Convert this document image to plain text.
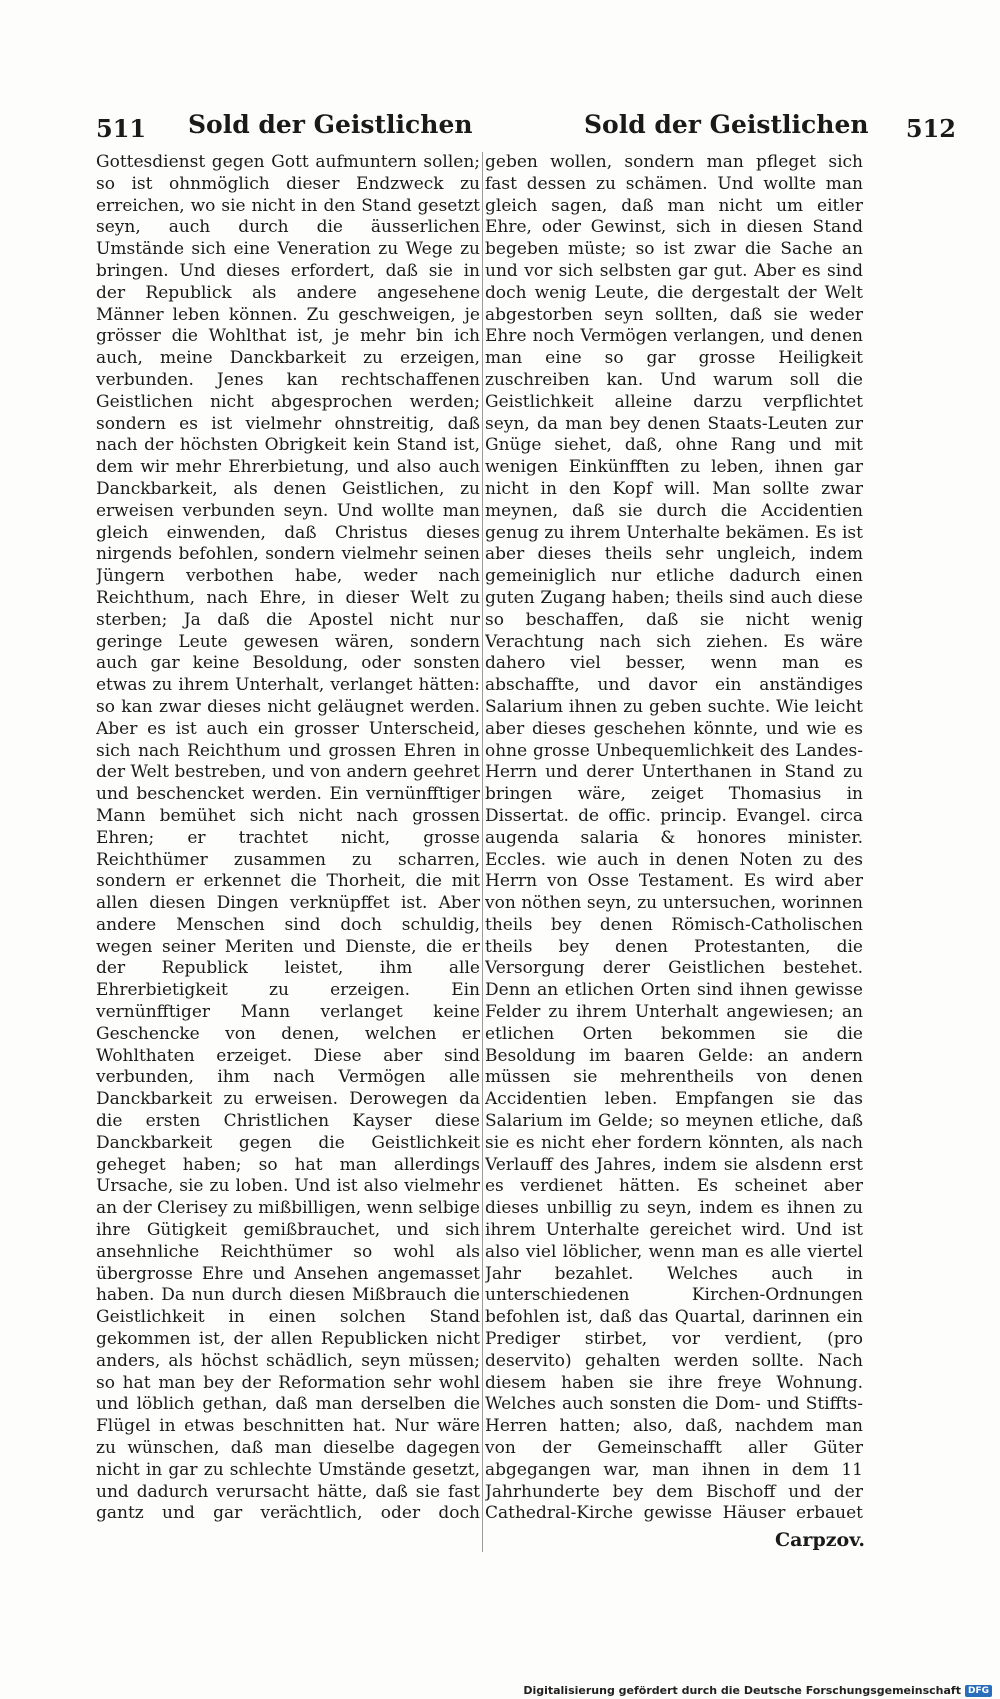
511 Sold der Geistlichen	Sold der Geistlichen 512

Gottesdienst gegen Gott aufmuntern sollen; so ist ohnmöglich dieser Endzweck zu erreichen, wo sie nicht in den Stand gesetzt seyn, auch durch die äusserlichen Umstände sich eine Veneration zu Wege zu bringen. Und dieses erfordert, daß sie in der Republick als andere angesehene Männer leben können. Zu geschweigen, je grösser die Wohlthat ist, je mehr bin ich auch, meine Danckbarkeit zu erzeigen, verbunden. Jenes kan rechtschaffenen Geistlichen nicht abgesprochen werden; sondern es ist vielmehr ohnstreitig, daß nach der höchsten Obrigkeit kein Stand ist, dem wir mehr Ehrerbietung, und also auch Danckbarkeit, als denen Geistlichen, zu erweisen verbunden seyn. Und wollte man gleich einwenden, daß Christus dieses nirgends befohlen, sondern vielmehr seinen Jüngern verbothen habe, weder nach Reichthum, nach Ehre, in dieser Welt zu sterben; Ja daß die Apostel nicht nur geringe Leute gewesen wären, sondern auch gar keine Besoldung, oder sonsten etwas zu ihrem Unterhalt, verlanget hätten: so kan zwar dieses nicht geläugnet werden. Aber es ist auch ein grosser Unterscheid, sich nach Reichthum und grossen Ehren in der Welt bestreben, und von andern geehret und beschencket werden. Ein vernünfftiger Mann bemühet sich nicht nach grossen Ehren; er trachtet nicht, grosse Reichthümer zusammen zu scharren, sondern er erkennet die Thorheit, die mit allen diesen Dingen verknüpffet ist. Aber andere Menschen sind doch schuldig, wegen seiner Meriten und Dienste, die er der Republick leistet, ihm alle Ehrerbietigkeit zu erzeigen. Ein vernünfftiger Mann verlanget keine Geschencke von denen, welchen er Wohlthaten erzeiget. Diese aber sind verbunden, ihm nach Vermögen alle Danckbarkeit zu erweisen. Derowegen da die ersten Christlichen Kayser diese Danckbarkeit gegen die Geistlichkeit geheget haben; so hat man allerdings Ursache, sie zu loben. Und ist also vielmehr an der Clerisey zu mißbilligen, wenn selbige ihre Gütigkeit gemißbrauchet, und sich ansehnliche Reichthümer so wohl als übergrosse Ehre und Ansehen angemasset haben. Da nun durch diesen Mißbrauch die Geistlichkeit in einen solchen Stand gekommen ist, der allen Republicken nicht anders, als höchst schädlich, seyn müssen; so hat man bey der Reformation sehr wohl und löblich gethan, daß man derselben die Flügel in etwas beschnitten hat. Nur wäre zu wünschen, daß man dieselbe dagegen nicht in gar zu schlechte Umstände gesetzt, und dadurch verursacht hätte, daß sie fast gantz und gar verächtlich, oder doch

geben wollen, sondern man pfleget sich fast dessen zu schämen. Und wollte man gleich sagen, daß man nicht um eitler Ehre, oder Gewinst, sich in diesen Stand begeben müste; so ist zwar die Sache an und vor sich selbsten gar gut. Aber es sind doch wenig Leute, die dergestalt der Welt abgestorben seyn sollten, daß sie weder Ehre noch Vermögen verlangen, und denen man eine so gar grosse Heiligkeit zuschreiben kan. Und warum soll die Geistlichkeit alleine darzu verpflichtet seyn, da man bey denen Staats-Leuten zur Gnüge siehet, daß, ohne Rang und mit wenigen Einkünfften zu leben, ihnen gar nicht in den Kopf will. Man sollte zwar meynen, daß sie durch die Accidentien genug zu ihrem Unterhalte bekämen. Es ist aber dieses theils sehr ungleich, indem gemeiniglich nur etliche dadurch einen guten Zugang haben; theils sind auch diese so beschaffen, daß sie nicht wenig Verachtung nach sich ziehen. Es wäre dahero viel besser, wenn man es abschaffte, und davor ein anständiges Salarium ihnen zu geben suchte. Wie leicht aber dieses geschehen könnte, und wie es ohne grosse Unbequemlichkeit des Landes-Herrn und derer Unterthanen in Stand zu bringen wäre, zeiget Thomasius in Dissertat. de offic. princip. Evangel. circa augenda salaria & honores minister. Eccles. wie auch in denen Noten zu des Herrn von Osse Testament. Es wird aber von nöthen seyn, zu untersuchen, worinnen theils bey denen Römisch-Catholischen theils bey denen Protestanten, die Versorgung derer Geistlichen bestehet. Denn an etlichen Orten sind ihnen gewisse Felder zu ihrem Unterhalt angewiesen; an etlichen Orten bekommen sie die Besoldung im baaren Gelde: an andern müssen sie mehrentheils von denen Accidentien leben. Empfangen sie das Salarium im Gelde; so meynen etliche, daß sie es nicht eher fordern könnten, als nach Verlauff des Jahres, indem sie alsdenn erst es verdienet hätten. Es scheinet aber dieses unbillig zu seyn, indem es ihnen zu ihrem Unterhalte gereichet wird. Und ist also viel löblicher, wenn man es alle viertel Jahr bezahlet. Welches auch in unterschiedenen Kirchen-Ordnungen befohlen ist, daß das Quartal, darinnen ein Prediger stirbet, vor verdient, (pro deservito) gehalten werden sollte. Nach diesem haben sie ihre freye Wohnung. Welches auch sonsten die Dom- und Stiffts-Herren hatten; also, daß, nachdem man von der Gemeinschafft aller Güter abgegangen war, man ihnen in dem 11 Jahrhunderte bey dem Bischoff und der Cathedral-Kirche gewisse Häuser erbauet

Carpzov.
Digitalisierung gefördert durch die Deutsche Forschungsgemeinschaft DFG
